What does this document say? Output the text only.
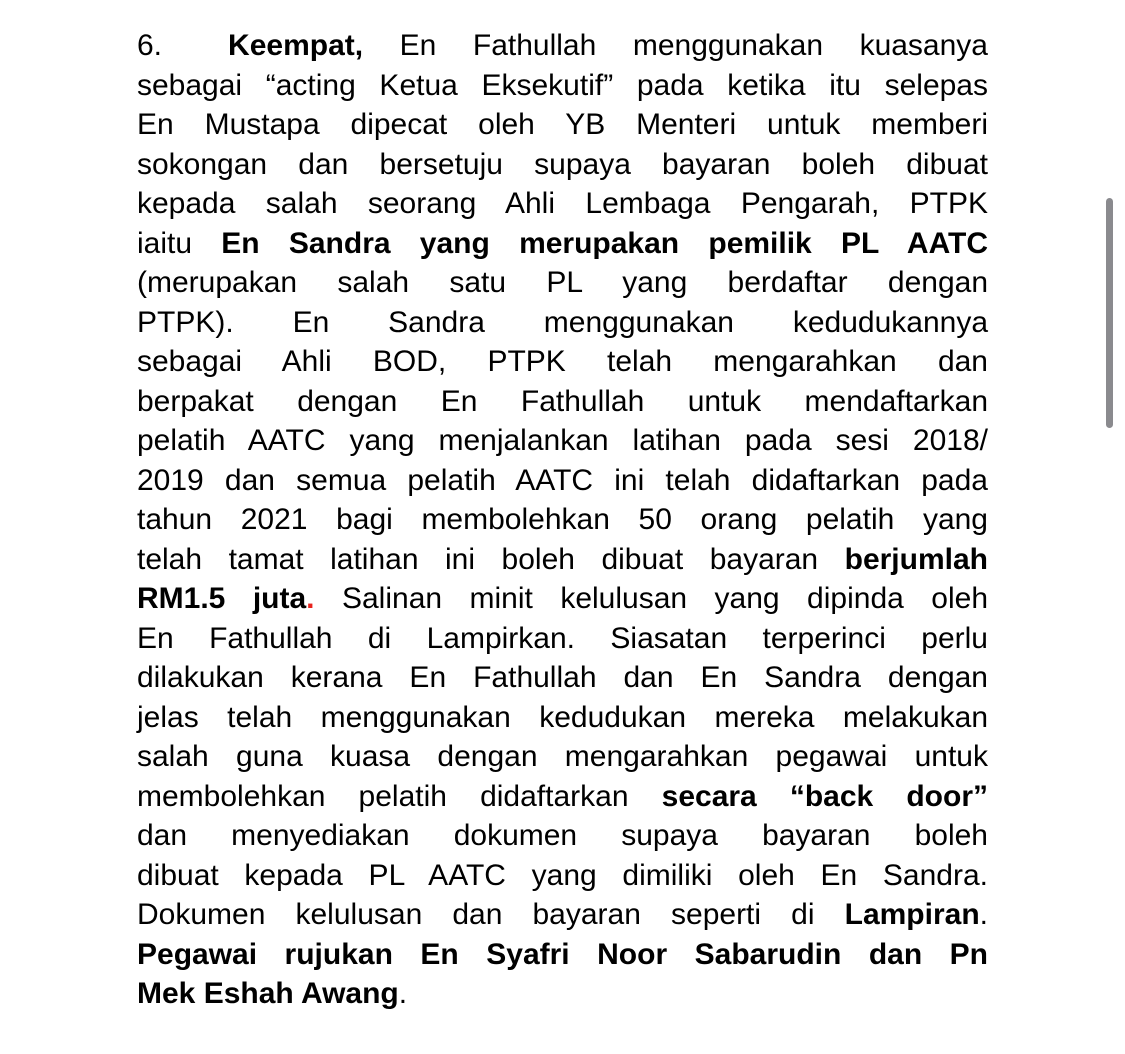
6. Keempat, En Fathullah menggunakan kuasanya
sebagai “acting Ketua Eksekutif” pada ketika itu selepas
En Mustapa dipecat oleh YB Menteri untuk memberi
sokongan dan bersetuju supaya bayaran boleh dibuat
kepada salah seorang Ahli Lembaga Pengarah, PTPK
iaitu En Sandra yang merupakan pemilik PL AATC
(merupakan salah satu PL yang berdaftar dengan
PTPK). En Sandra menggunakan kedudukannya
sebagai Ahli BOD, PTPK telah mengarahkan dan
berpakat dengan En Fathullah untuk mendaftarkan
pelatih AATC yang menjalankan latihan pada sesi 2018/
2019 dan semua pelatih AATC ini telah didaftarkan pada
tahun 2021 bagi membolehkan 50 orang pelatih yang
telah tamat latihan ini boleh dibuat bayaran berjumlah
RM1.5 juta. Salinan minit kelulusan yang dipinda oleh
En Fathullah di Lampirkan. Siasatan terperinci perlu
dilakukan kerana En Fathullah dan En Sandra dengan
jelas telah menggunakan kedudukan mereka melakukan
salah guna kuasa dengan mengarahkan pegawai untuk
membolehkan pelatih didaftarkan secara “back door”
dan menyediakan dokumen supaya bayaran boleh
dibuat kepada PL AATC yang dimiliki oleh En Sandra.
Dokumen kelulusan dan bayaran seperti di Lampiran.
Pegawai rujukan En Syafri Noor Sabarudin dan Pn
Mek Eshah Awang.
